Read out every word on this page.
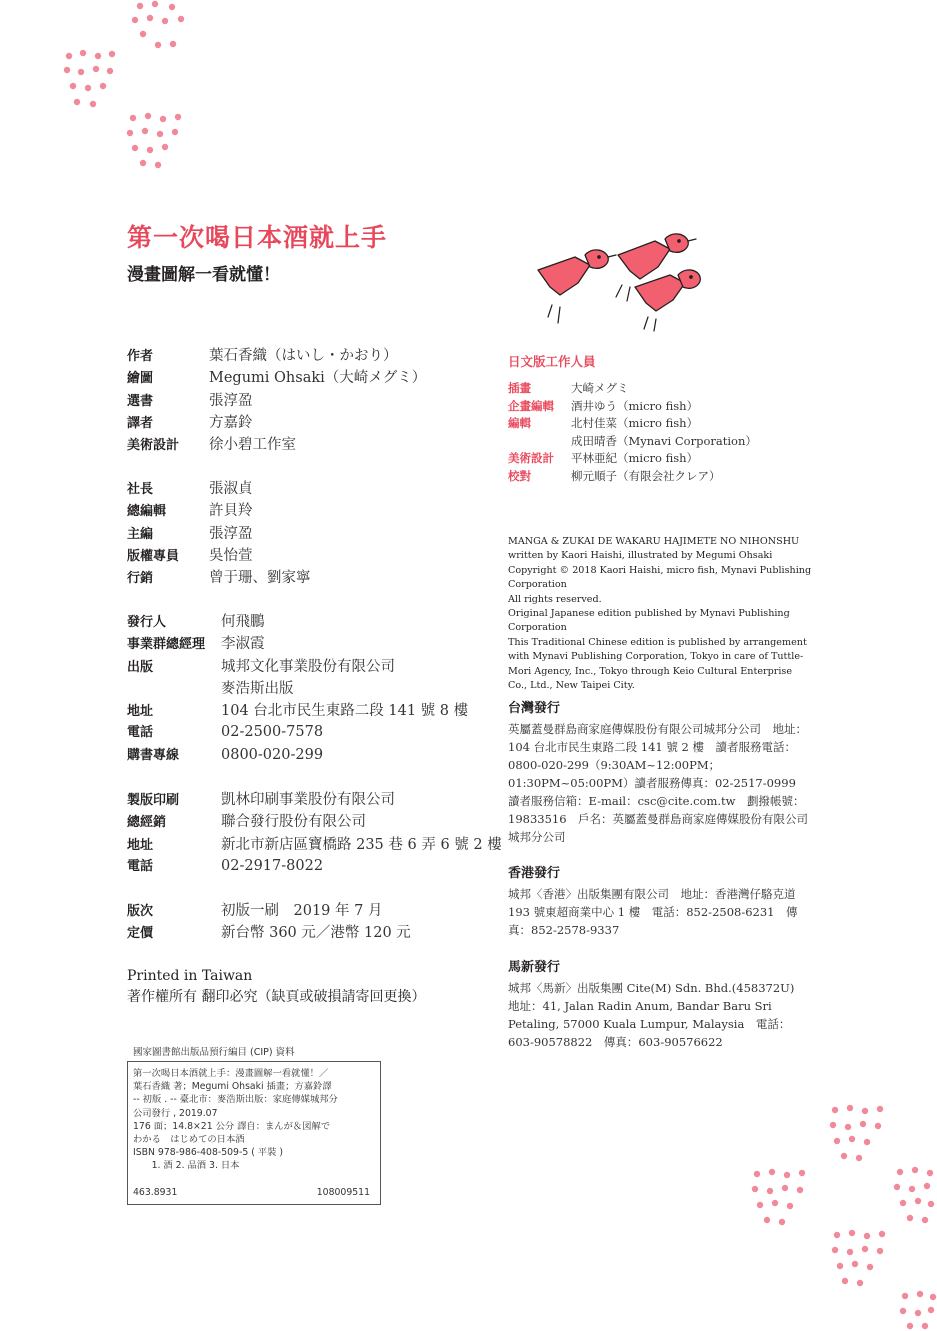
第一次喝日本酒就上手
漫畫圖解一看就懂！
作者	葉石香織（はいし・かおり）
繪圖	Megumi Ohsaki（大崎メグミ）
選書	張淳盈
譯者	方嘉鈴
美術設計	徐小碧工作室
社長	張淑貞
總編輯	許貝羚
主編	張淳盈
版權專員	吳怡萱
行銷	曾于珊、劉家寧
發行人	何飛鵬
事業群總經理	李淑霞
出版	城邦文化事業股份有限公司
麥浩斯出版
地址	104 台北市民生東路二段 141 號 8 樓
電話	02-2500-7578
購書專線	0800-020-299
製版印刷	凱林印刷事業股份有限公司
總經銷	聯合發行股份有限公司
地址	新北市新店區寶橋路 235 巷 6 弄 6 號 2 樓
電話	02-2917-8022
版次	初版一刷　2019 年 7 月
定價	新台幣 360 元／港幣 120 元
Printed in Taiwan
著作權所有 翻印必究（缺頁或破損請寄回更換）
國家圖書館出版品預行編目 (CIP) 資料
第一次喝日本酒就上手：漫畫圖解一看就懂！／
葉石香織 著；Megumi Ohsaki 插畫；方嘉鈴譯
-- 初版 . -- 臺北市：麥浩斯出版：家庭傳媒城邦分
公司發行 , 2019.07
176 面；14.8×21 公分 譯自：まんが＆図解で
わかる　はじめての日本酒
ISBN 978-986-408-509-5 ( 平裝 )
　　1. 酒 2. 品酒 3. 日本
463.8931	108009511
日文版工作人員
插畫	大崎メグミ
企畫編輯	酒井ゆう（micro fish）
編輯	北村佳菜（micro fish）
成田晴香（Mynavi Corporation）
美術設計	平林亜紀（micro fish）
校對	柳元順子（有限会社クレア）

MANGA & ZUKAI DE WAKARU HAJIMETE NO NIHONSHU

written by Kaori Haishi, illustrated by Megumi Ohsaki

Copyright © 2018 Kaori Haishi, micro fish, Mynavi Publishing Corporation

All rights reserved.

Original Japanese edition published by Mynavi Publishing Corporation

This Traditional Chinese edition is published by arrangement with Mynavi Publishing Corporation, Tokyo in care of Tuttle-Mori Agency, Inc., Tokyo through Keio Cultural Enterprise Co., Ltd., New Taipei City.

台灣發行
英屬蓋曼群島商家庭傳媒股份有限公司城邦分公司　地址：104 台北市民生東路二段 141 號 2 樓　讀者服務電話：0800-020-299（9:30AM~12:00PM；01:30PM~05:00PM）讀者服務傳真：02-2517-0999　讀者服務信箱：E-mail：csc@cite.com.tw　劃撥帳號：19833516　戶名：英屬蓋曼群島商家庭傳媒股份有限公司城邦分公司
香港發行
城邦〈香港〉出版集團有限公司　地址：香港灣仔駱克道 193 號東超商業中心 1 樓　電話：852-2508-6231　傳真：852-2578-9337
馬新發行
城邦〈馬新〉出版集團 Cite(M) Sdn. Bhd.(458372U)　地址：41, Jalan Radin Anum, Bandar Baru Sri Petaling, 57000 Kuala Lumpur, Malaysia　電話：603-90578822　傳真：603-90576622
